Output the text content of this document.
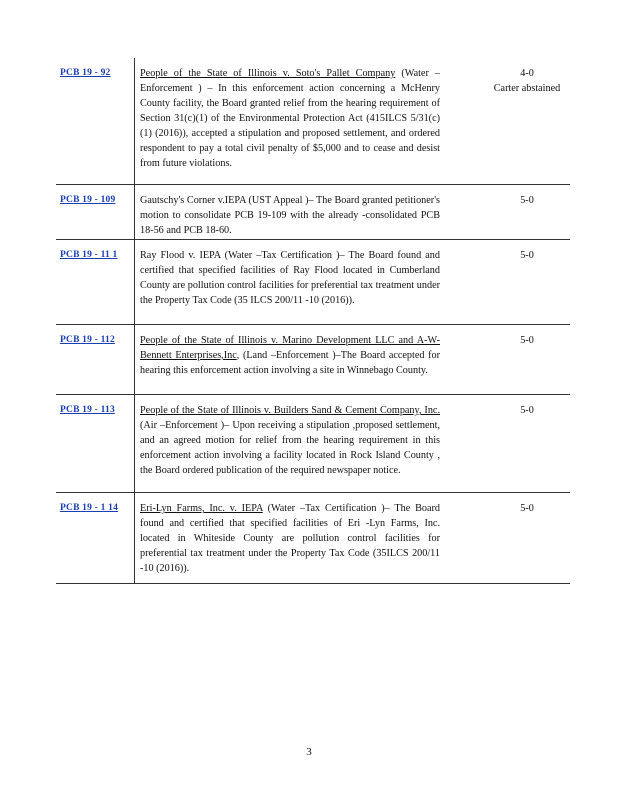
PCB 19 - 92	People of the State of Illinois v. Soto's Pallet Company (Water –Enforcement ) – In this enforcement action concerning a McHenry County facility, the Board granted relief from the hearing requirement of Section 31(c)(1) of the Environmental Protection Act (415ILCS 5/31(c)(1) (2016)), accepted a stipulation and proposed settlement, and ordered respondent to pay a total civil penalty of $5,000 and to cease and desist from future violations.
4-0
Carter abstained
PCB 19 - 109 Gautschy's Corner v.IEPA (UST Appeal )– The Board granted petitioner's motion to consolidate PCB 19-109 with the already -consolidated PCB 18-56 and PCB 18-60.
5-0
PCB 19 - 11 1 Ray Flood v. IEPA (Water –Tax Certification )– The Board found and certified that specified facilities of Ray Flood located in Cumberland County are pollution control facilities for preferential tax treatment under the Property Tax Code (35 ILCS 200/11 -10 (2016)).
5-0
PCB 19 - 112 People of the State of Illinois v. Marino Development LLC and A-W-Bennett Enterprises,Inc, (Land –Enforcement )–The Board accepted for hearing this enforcement action involving a site in Winnebago County.
5-0
PCB 19 - 113 People of the State of Illinois v. Builders Sand & Cement Company, Inc. (Air –Enforcement )– Upon receiving a stipulation ,proposed settlement, and an agreed motion for relief from the hearing requirement in this enforcement action involving a facility located in Rock Island County , the Board ordered publication of the required newspaper notice.
5-0
PCB 19 - 1 14 Eri-Lyn Farms, Inc. v. IEPA (Water –Tax Certification )– The Board found and certified that specified facilities of Eri -Lyn Farms, Inc. located in Whiteside County are pollution control facilities for preferential tax treatment under the Property Tax Code (35ILCS 200/11 -10 (2016)).
5-0
3
